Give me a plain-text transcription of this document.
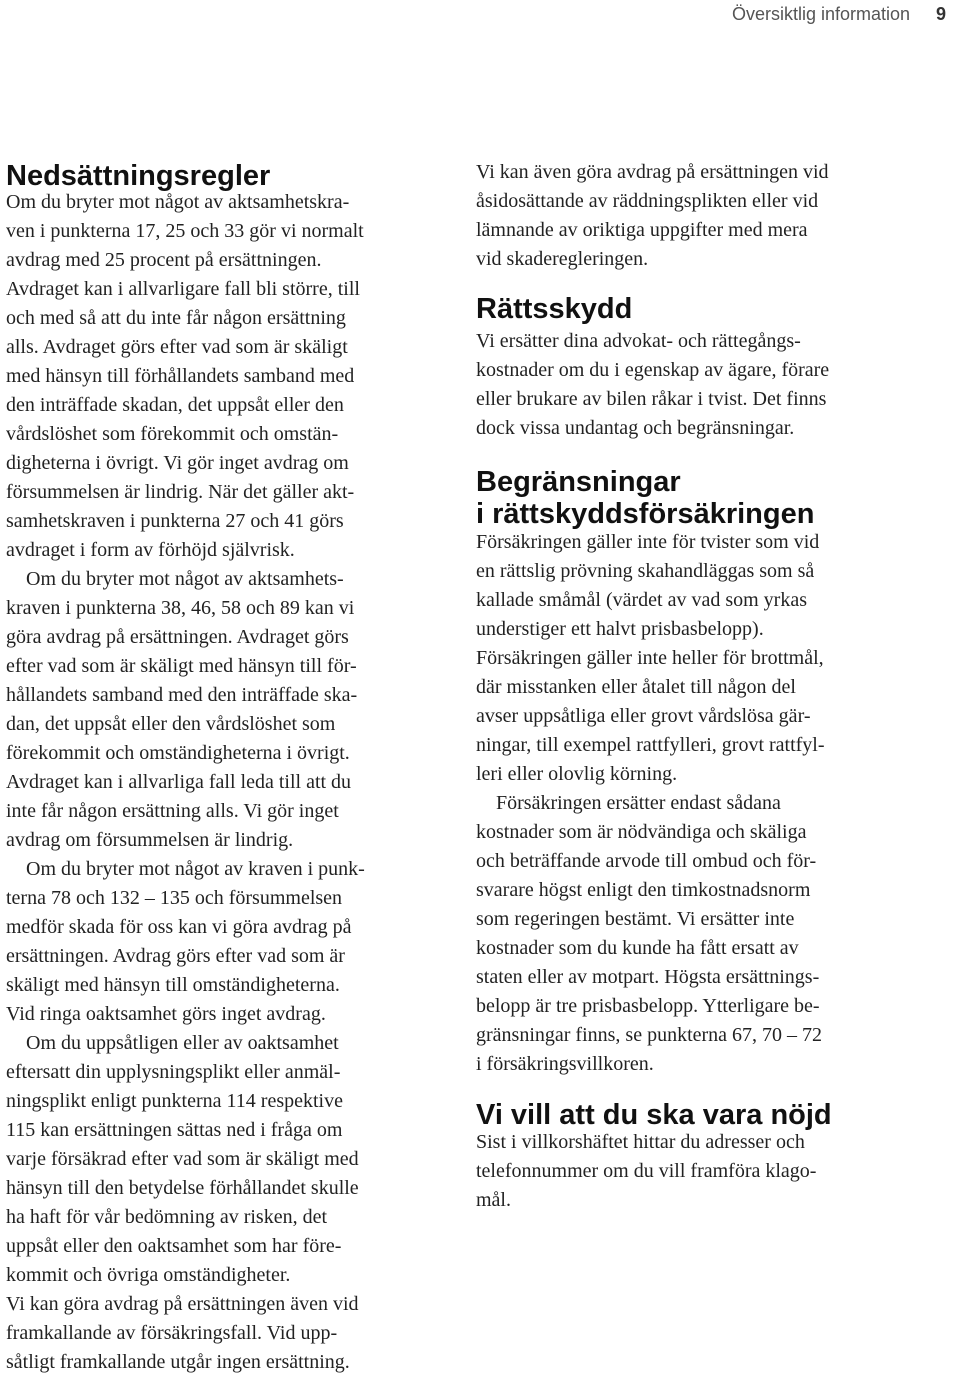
Översiktlig information 9
Nedsättningsregler
Om du bryter mot något av aktsamhetskra-
ven i punkterna 17, 25 och 33 gör vi normalt
avdrag med 25 procent på ersättningen.
Avdraget kan i allvarligare fall bli större, till
och med så att du inte får någon ersättning
alls. Avdraget görs efter vad som är skäligt
med hänsyn till förhållandets samband med
den inträffade skadan, det uppsåt eller den
vårdslöshet som förekommit och omstän-
digheterna i övrigt. Vi gör inget avdrag om
försummelsen är lindrig. När det gäller akt-
samhetskraven i punkterna 27 och 41 görs
avdraget i form av förhöjd självrisk.
Om du bryter mot något av aktsamhets-
kraven i punkterna 38, 46, 58 och 89 kan vi
göra avdrag på ersättningen. Avdraget görs
efter vad som är skäligt med hänsyn till för-
hållandets samband med den inträffade ska-
dan, det uppsåt eller den vårdslöshet som
förekommit och omständigheterna i övrigt.
Avdraget kan i allvarliga fall leda till att du
inte får någon ersättning alls. Vi gör inget
avdrag om försummelsen är lindrig.
Om du bryter mot något av kraven i punk-
terna 78 och 132 – 135 och försummelsen
medför skada för oss kan vi göra avdrag på
ersättningen. Avdrag görs efter vad som är
skäligt med hänsyn till omständigheterna.
Vid ringa oaktsamhet görs inget avdrag.
Om du uppsåtligen eller av oaktsamhet
eftersatt din upplysningsplikt eller anmäl-
ningsplikt enligt punkterna 114 respektive
115 kan ersättningen sättas ned i fråga om
varje försäkrad efter vad som är skäligt med
hänsyn till den betydelse förhållandet skulle
ha haft för vår bedömning av risken, det
uppsåt eller den oaktsamhet som har före-
kommit och övriga omständigheter.
Vi kan göra avdrag på ersättningen även vid
framkallande av försäkringsfall. Vid upp-
såtligt framkallande utgår ingen ersättning.
Vi kan även göra avdrag på ersättningen vid
åsidosättande av räddningsplikten eller vid
lämnande av oriktiga uppgifter med mera
vid skaderegleringen.
Rättsskydd
Vi ersätter dina advokat- och rättegångs-
kostnader om du i egenskap av ägare, förare
eller brukare av bilen råkar i tvist. Det finns
dock vissa undantag och begränsningar.
Begränsningar
i rättskyddsförsäkringen
Försäkringen gäller inte för tvister som vid
en rättslig prövning skahandläggas som så
kallade småmål (värdet av vad som yrkas
understiger ett halvt prisbasbelopp).
Försäkringen gäller inte heller för brottmål,
där misstanken eller åtalet till någon del
avser uppsåtliga eller grovt vårdslösa gär-
ningar, till exempel rattfylleri, grovt rattfyl-
leri eller olovlig körning.
Försäkringen ersätter endast sådana
kostnader som är nödvändiga och skäliga
och beträffande arvode till ombud och för-
svarare högst enligt den timkostnadsnorm
som regeringen bestämt. Vi ersätter inte
kostnader som du kunde ha fått ersatt av
staten eller av motpart. Högsta ersättnings-
belopp är tre prisbasbelopp. Ytterligare be-
gränsningar finns, se punkterna 67, 70 – 72
i försäkringsvillkoren.
Vi vill att du ska vara nöjd
Sist i villkorshäftet hittar du adresser och
telefonnummer om du vill framföra klago-
mål.
